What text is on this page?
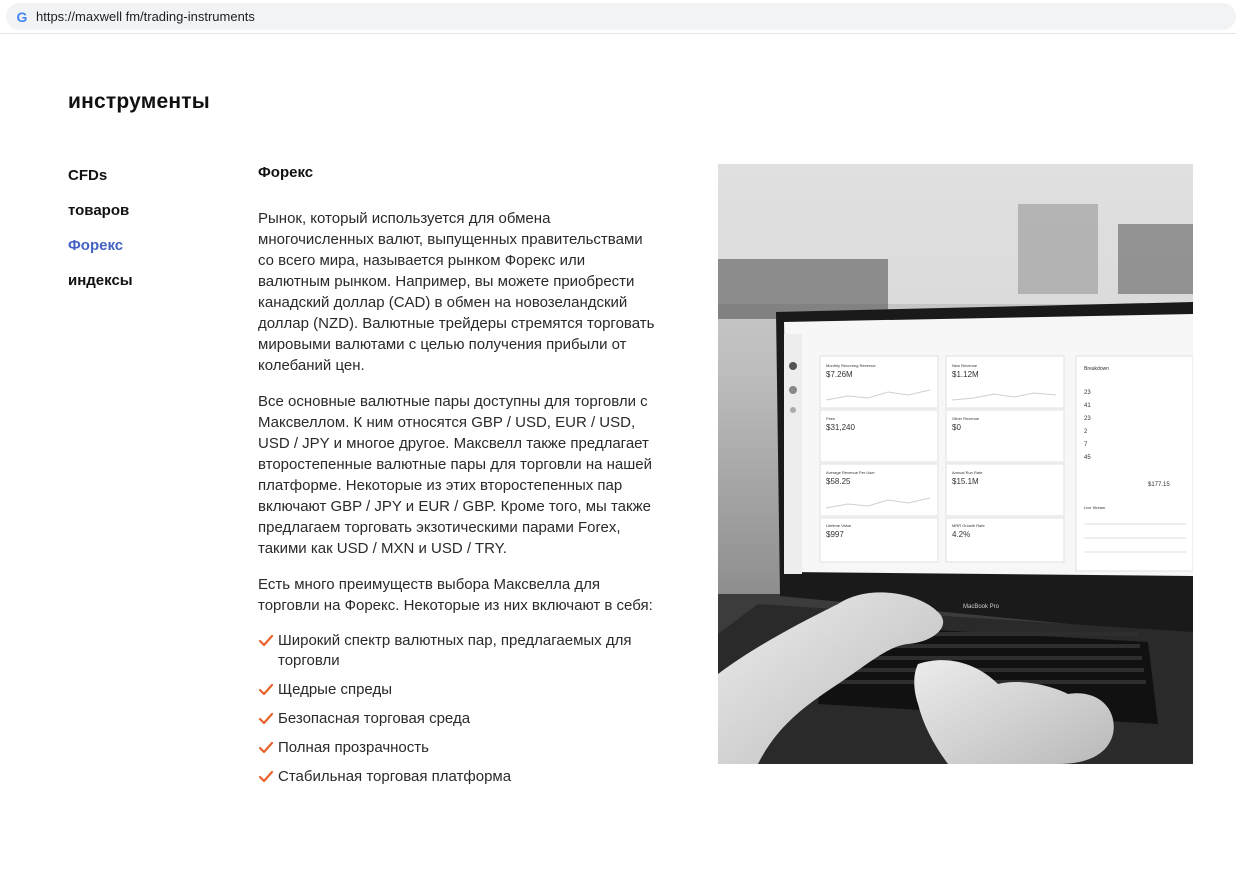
G https://maxwell fm/trading-instruments
инструменты
CFDs
товаров
Форекс
индексы
Форекс

Рынок, который используется для обмена многочисленных валют, выпущенных правительствами со всего мира, называется рынком Форекс или валютным рынком. Например, вы можете приобрести канадский доллар (CAD) в обмен на новозеландский доллар (NZD). Валютные трейдеры стремятся торговать мировыми валютами с целью получения прибыли от колебаний цен.

Все основные валютные пары доступны для торговли с Максвеллом. К ним относятся GBP / USD, EUR / USD, USD / JPY и многое другое. Максвелл также предлагает второстепенные валютные пары для торговли на нашей платформе. Некоторые из этих второстепенных пар включают GBP / JPY и EUR / GBP. Кроме того, мы также предлагаем торговать экзотическими парами Forex, такими как USD / MXN и USD / TRY.

Есть много преимуществ выбора Максвелла для торговли на Форекс. Некоторые из них включают в себя:

Широкий спектр валютных пар, предлагаемых для торговли
Щедрые спреды
Безопасная торговая среда
Полная прозрачность
Стабильная торговая платформа
Monthly Recurring Revenue
$7.26M
New Revenue
$1.12M
Fees
$31,240
Other Revenue
$0
Average Revenue Per User
$58.25
Annual Run Rate
$15.1M
Lifetime Value
$997
MRR Growth Rate
4.2%
Breakdown
23
41
23
2
7
45
$177.15
Live Stream
MacBook Pro
